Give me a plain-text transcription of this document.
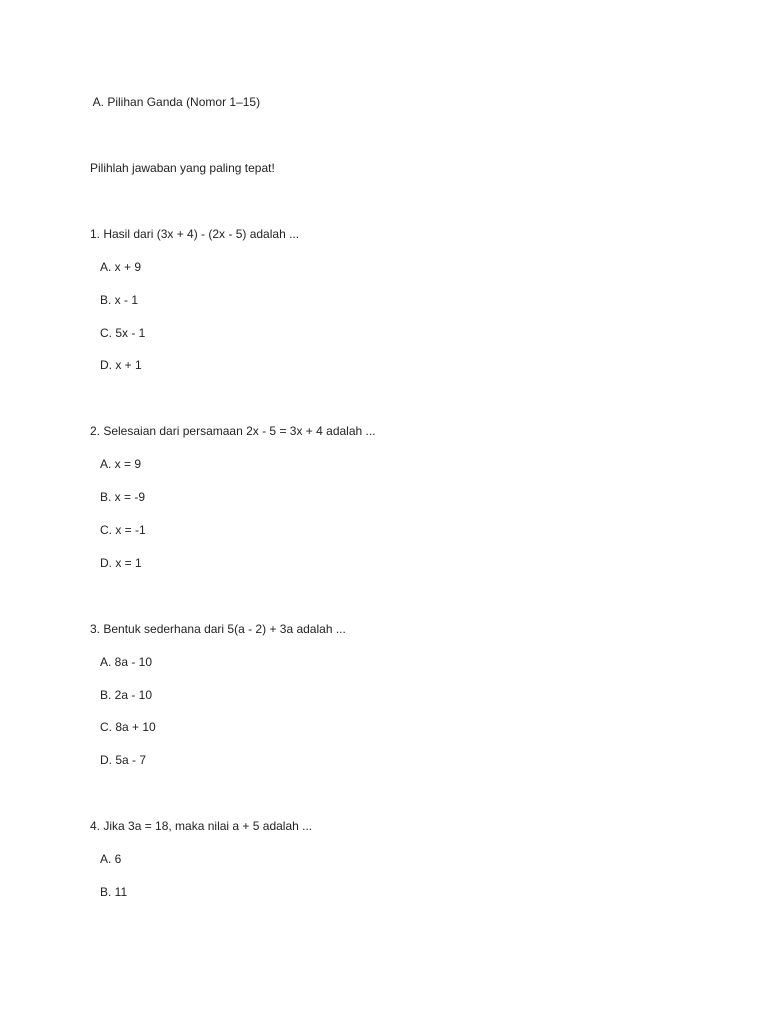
A. Pilihan Ganda (Nomor 1–15)
Pilihlah jawaban yang paling tepat!
1. Hasil dari (3x + 4) - (2x - 5) adalah ...
A. x + 9
B. x - 1
C. 5x - 1
D. x + 1
2. Selesaian dari persamaan 2x - 5 = 3x + 4 adalah ...
A. x = 9
B. x = -9
C. x = -1
D. x = 1
3. Bentuk sederhana dari 5(a - 2) + 3a adalah ...
A. 8a - 10
B. 2a - 10
C. 8a + 10
D. 5a - 7
4. Jika 3a = 18, maka nilai a + 5 adalah ...
A. 6
B. 11
